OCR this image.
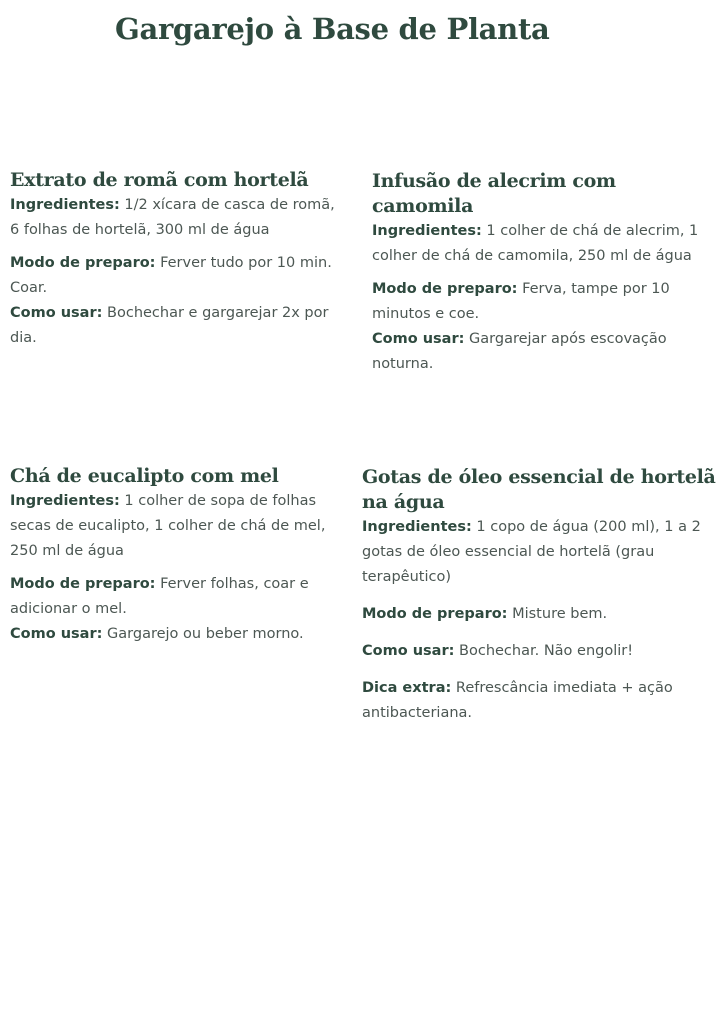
Gargarejo à Base de Planta
Extrato de romã com hortelã

Ingredientes: 1/2 xícara de casca de romã, 6 folhas de hortelã, 300 ml de água

Modo de preparo: Ferver tudo por 10 min. Coar.

Como usar: Bochechar e gargarejar 2x por dia.

Infusão de alecrim com camomila

Ingredientes: 1 colher de chá de alecrim, 1 colher de chá de camomila, 250 ml de água

Modo de preparo: Ferva, tampe por 10 minutos e coe.

Como usar: Gargarejar após escovação noturna.

Chá de eucalipto com mel

Ingredientes: 1 colher de sopa de folhas secas de eucalipto, 1 colher de chá de mel, 250 ml de água

Modo de preparo: Ferver folhas, coar e adicionar o mel.

Como usar: Gargarejo ou beber morno.

Gotas de óleo essencial de hortelã na água

Ingredientes: 1 copo de água (200 ml), 1 a 2 gotas de óleo essencial de hortelã (grau terapêutico)

Modo de preparo: Misture bem.

Como usar: Bochechar. Não engolir!

Dica extra: Refrescância imediata + ação antibacteriana.
